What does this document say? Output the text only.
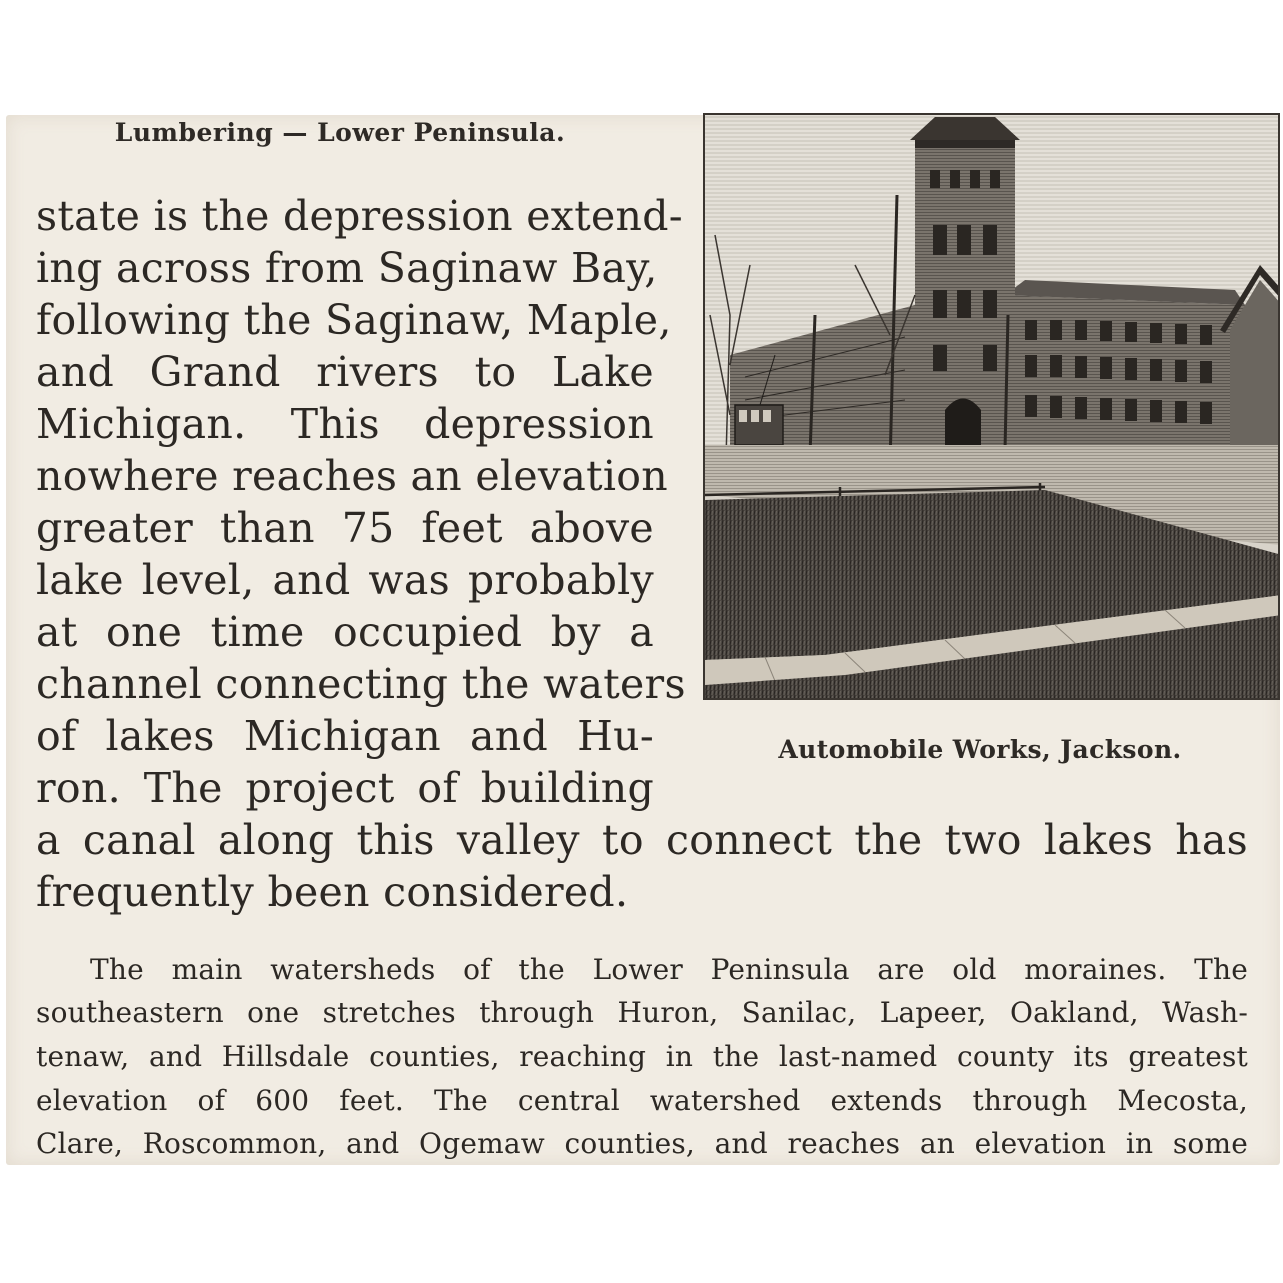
Lumbering — Lower Peninsula.
state is the depression extend-
ing across from Saginaw Bay,
following the Saginaw, Maple,
and Grand rivers to Lake
Michigan. This depression
nowhere reaches an elevation
greater than 75 feet above
lake level, and was probably
at one time occupied by a
channel connecting the waters
of lakes Michigan and Hu-
ron. The project of building
a canal along this valley to connect the two lakes has
frequently been considered.
The main watersheds of the Lower Peninsula are old moraines. The
southeastern one stretches through Huron, Sanilac, Lapeer, Oakland, Wash-
tenaw, and Hillsdale counties, reaching in the last-named county its greatest
elevation of 600 feet. The central watershed extends through Mecosta,
Clare, Roscommon, and Ogemaw counties, and reaches an elevation in some
Automobile Works, Jackson.
